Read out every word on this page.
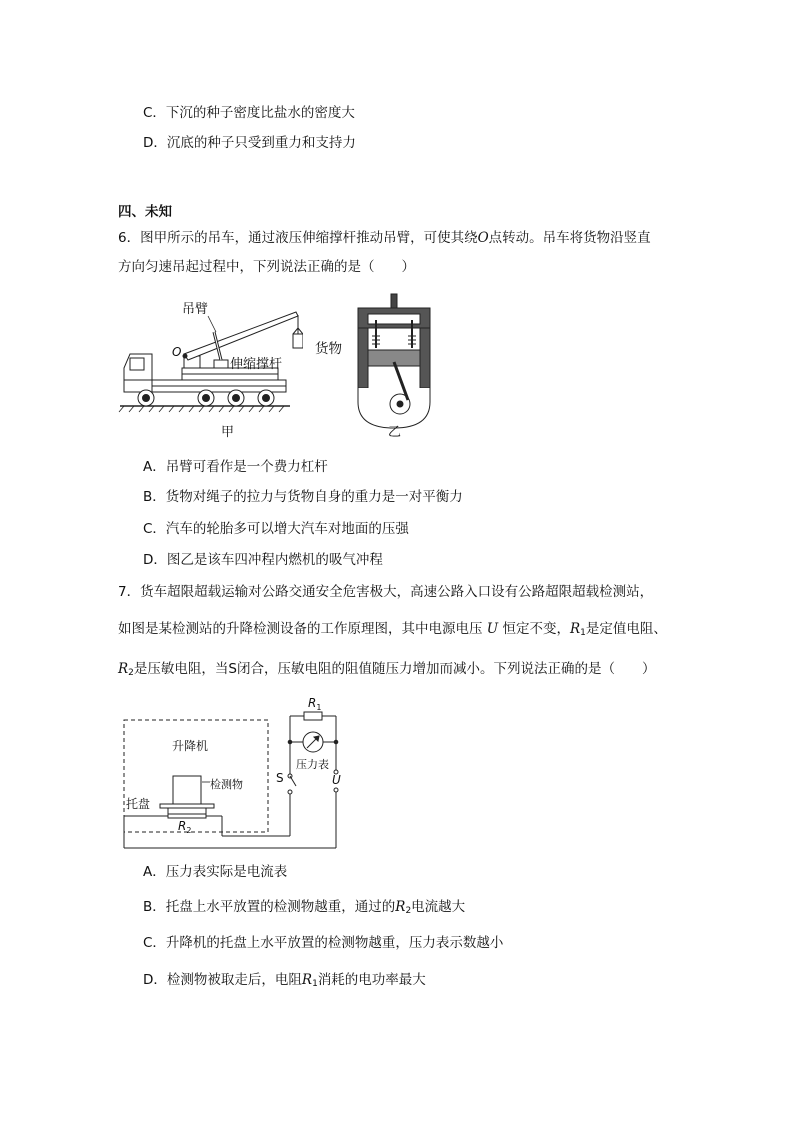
C．下沉的种子密度比盐水的密度大
D．沉底的种子只受到重力和支持力
四、未知
6．图甲所示的吊车，通过液压伸缩撑杆推动吊臂，可使其绕O点转动。吊车将货物沿竖直
方向匀速吊起过程中，下列说法正确的是（　　）
吊臂
O
伸缩撑杆
甲
货物
乙
A．吊臂可看作是一个费力杠杆
B．货物对绳子的拉力与货物自身的重力是一对平衡力
C．汽车的轮胎多可以增大汽车对地面的压强
D．图乙是该车四冲程内燃机的吸气冲程
7．货车超限超载运输对公路交通安全危害极大，高速公路入口设有公路超限超载检测站，
如图是某检测站的升降检测设备的工作原理图，其中电源电压 U 恒定不变，$R_1$是定值电阻、
$R_2$是压敏电阻，当S闭合，压敏电阻的阻值随压力增加而减小。下列说法正确的是（　　）
$R_1$
升降机
检测物
托盘
$R_2$
压力表
S	U
A．压力表实际是电流表
B．托盘上水平放置的检测物越重，通过的$R_2$电流越大
C．升降机的托盘上水平放置的检测物越重，压力表示数越小
D．检测物被取走后，电阻$R_1$消耗的电功率最大
